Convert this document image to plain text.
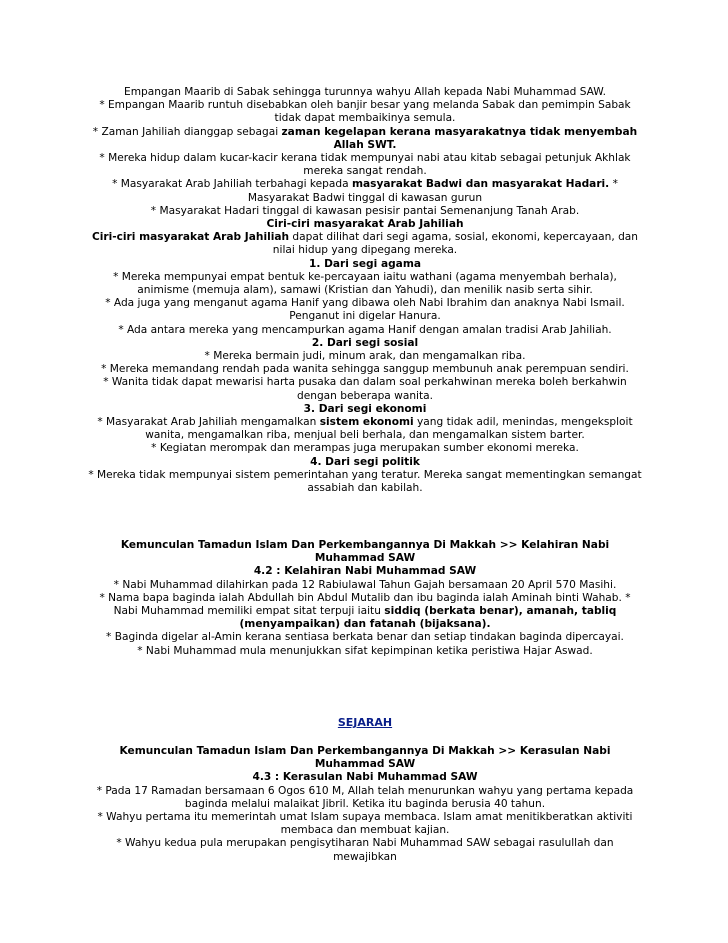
Empangan Maarib di Sabak sehingga turunnya wahyu Allah kepada Nabi Muhammad SAW.

* Empangan Maarib runtuh disebabkan oleh banjir besar yang melanda Sabak dan pemimpin Sabak tidak dapat membaikinya semula.

* Zaman Jahiliah dianggap sebagai zaman kegelapan kerana masyarakatnya tidak menyembah Allah SWT.

* Mereka hidup dalam kucar-kacir kerana tidak mempunyai nabi atau kitab sebagai petunjuk Akhlak mereka sangat rendah.

* Masyarakat Arab Jahiliah terbahagi kepada masyarakat Badwi dan masyarakat Hadari. * Masyarakat Badwi tinggal di kawasan gurun

* Masyarakat Hadari tinggal di kawasan pesisir pantai Semenanjung Tanah Arab.

Ciri-ciri masyarakat Arab Jahiliah

Ciri-ciri masyarakat Arab Jahiliah dapat dilihat dari segi agama, sosial, ekonomi, kepercayaan, dan nilai hidup yang dipegang mereka.

1. Dari segi agama

* Mereka mempunyai empat bentuk ke-percayaan iaitu wathani (agama menyembah berhala), animisme (memuja alam), samawi (Kristian dan Yahudi), dan menilik nasib serta sihir.

* Ada juga yang menganut agama Hanif yang dibawa oleh Nabi Ibrahim dan anaknya Nabi Ismail. Penganut ini digelar Hanura.

* Ada antara mereka yang mencampurkan agama Hanif dengan amalan tradisi Arab Jahiliah.

2. Dari segi sosial

* Mereka bermain judi, minum arak, dan mengamalkan riba.

* Mereka memandang rendah pada wanita sehingga sanggup membunuh anak perempuan sendiri.

* Wanita tidak dapat mewarisi harta pusaka dan dalam soal perkahwinan mereka boleh berkahwin dengan beberapa wanita.

3. Dari segi ekonomi

* Masyarakat Arab Jahiliah mengamalkan sistem ekonomi yang tidak adil, menindas, mengeksploit wanita, mengamalkan riba, menjual beli berhala, dan mengamalkan sistem barter.

* Kegiatan merompak dan merampas juga merupakan sumber ekonomi mereka.

4. Dari segi politik

* Mereka tidak mempunyai sistem pemerintahan yang teratur. Mereka sangat mementingkan semangat assabiah dan kabilah.

Kemunculan Tamadun Islam Dan Perkembangannya Di Makkah >> Kelahiran Nabi Muhammad SAW

4.2 : Kelahiran Nabi Muhammad SAW

* Nabi Muhammad dilahirkan pada 12 Rabiulawal Tahun Gajah bersamaan 20 April 570 Masihi.

* Nama bapa baginda ialah Abdullah bin Abdul Mutalib dan ibu baginda ialah Aminah binti Wahab. * Nabi Muhammad memiliki empat sitat terpuji iaitu siddiq (berkata benar), amanah, tabliq (menyampaikan) dan fatanah (bijaksana).

* Baginda digelar al-Amin kerana sentiasa berkata benar dan setiap tindakan baginda dipercayai.

* Nabi Muhammad mula menunjukkan sifat kepimpinan ketika peristiwa Hajar Aswad.

SEJARAH

Kemunculan Tamadun Islam Dan Perkembangannya Di Makkah >> Kerasulan Nabi Muhammad SAW

4.3 : Kerasulan Nabi Muhammad SAW

* Pada 17 Ramadan bersamaan 6 Ogos 610 M, Allah telah menurunkan wahyu yang pertama kepada baginda melalui malaikat Jibril. Ketika itu baginda berusia 40 tahun.

* Wahyu pertama itu memerintah umat Islam supaya membaca. Islam amat menitikberatkan aktiviti membaca dan membuat kajian.

* Wahyu kedua pula merupakan pengisytiharan Nabi Muhammad SAW sebagai rasulullah dan mewajibkan
